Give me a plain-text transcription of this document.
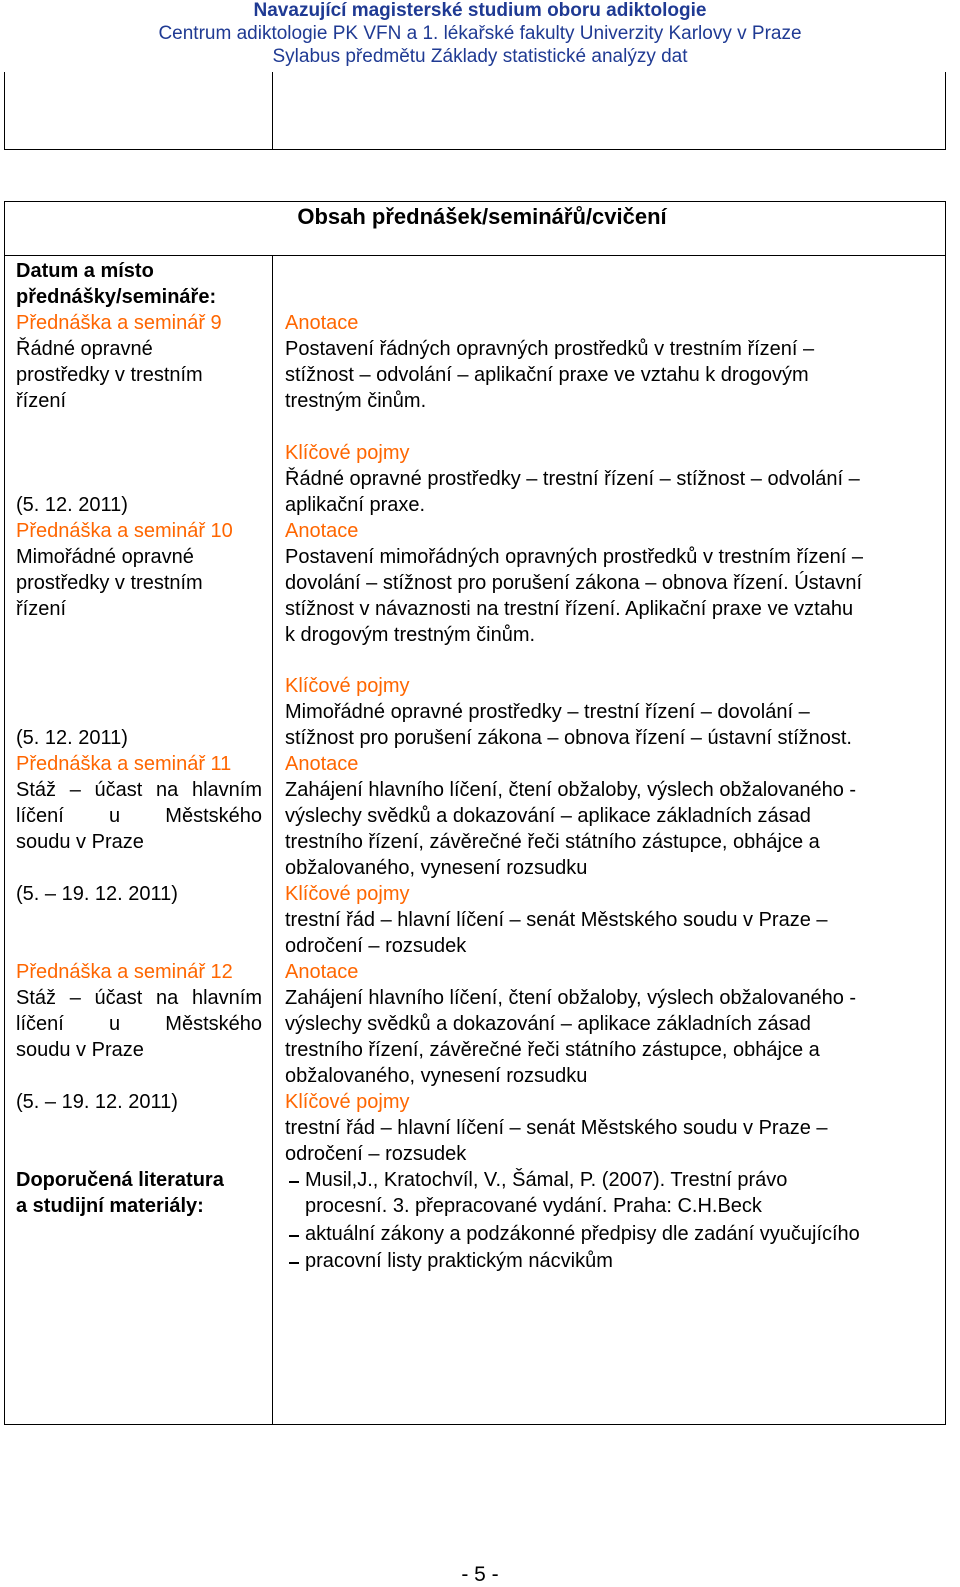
Navazující magisterské studium oboru adiktologie
Centrum adiktologie PK VFN a 1. lékařské fakulty Univerzity Karlovy v Praze
Sylabus předmětu Základy statistické analýzy dat
Obsah přednášek/seminářů/cvičení
Datum a místo
přednášky/semináře:
Přednáška a seminář 9
Řádné opravné
prostředky v trestním
řízení
(5. 12. 2011)
Přednáška a seminář 10
Mimořádné opravné
prostředky v trestním
řízení
(5. 12. 2011)
Přednáška a seminář 11
Stáž – účast na hlavním
líčení u Městského
soudu v Praze
(5. – 19. 12. 2011)
Přednáška a seminář 12
Stáž – účast na hlavním
líčení u Městského
soudu v Praze
(5. – 19. 12. 2011)
Doporučená literatura
a studijní materiály:
Anotace
Postavení řádných opravných prostředků v trestním řízení –
stížnost – odvolání – aplikační praxe ve vztahu k drogovým
trestným činům.
Klíčové pojmy
Řádné opravné prostředky – trestní řízení – stížnost – odvolání –
aplikační praxe.
Anotace
Postavení mimořádných opravných prostředků v trestním řízení –
dovolání – stížnost pro porušení zákona – obnova řízení. Ústavní
stížnost v návaznosti na trestní řízení. Aplikační praxe ve vztahu
k drogovým trestným činům.
Klíčové pojmy
Mimořádné opravné prostředky – trestní řízení – dovolání –
stížnost pro porušení zákona – obnova řízení – ústavní stížnost.
Anotace
Zahájení hlavního líčení, čtení obžaloby, výslech obžalovaného -
výslechy svědků a dokazování – aplikace základních zásad
trestního řízení, závěrečné řeči státního zástupce, obhájce a
obžalovaného, vynesení rozsudku
Klíčové pojmy
trestní řád – hlavní líčení – senát Městského soudu v Praze –
odročení – rozsudek
Anotace
Zahájení hlavního líčení, čtení obžaloby, výslech obžalovaného -
výslechy svědků a dokazování – aplikace základních zásad
trestního řízení, závěrečné řeči státního zástupce, obhájce a
obžalovaného, vynesení rozsudku
Klíčové pojmy
trestní řád – hlavní líčení – senát Městského soudu v Praze –
odročení – rozsudek
Musil,J., Kratochvíl, V., Šámal, P. (2007). Trestní právo
procesní. 3. přepracované vydání. Praha: C.H.Beck
aktuální zákony a podzákonné předpisy dle zadání vyučujícího
pracovní listy praktickým nácvikům
- 5 -
